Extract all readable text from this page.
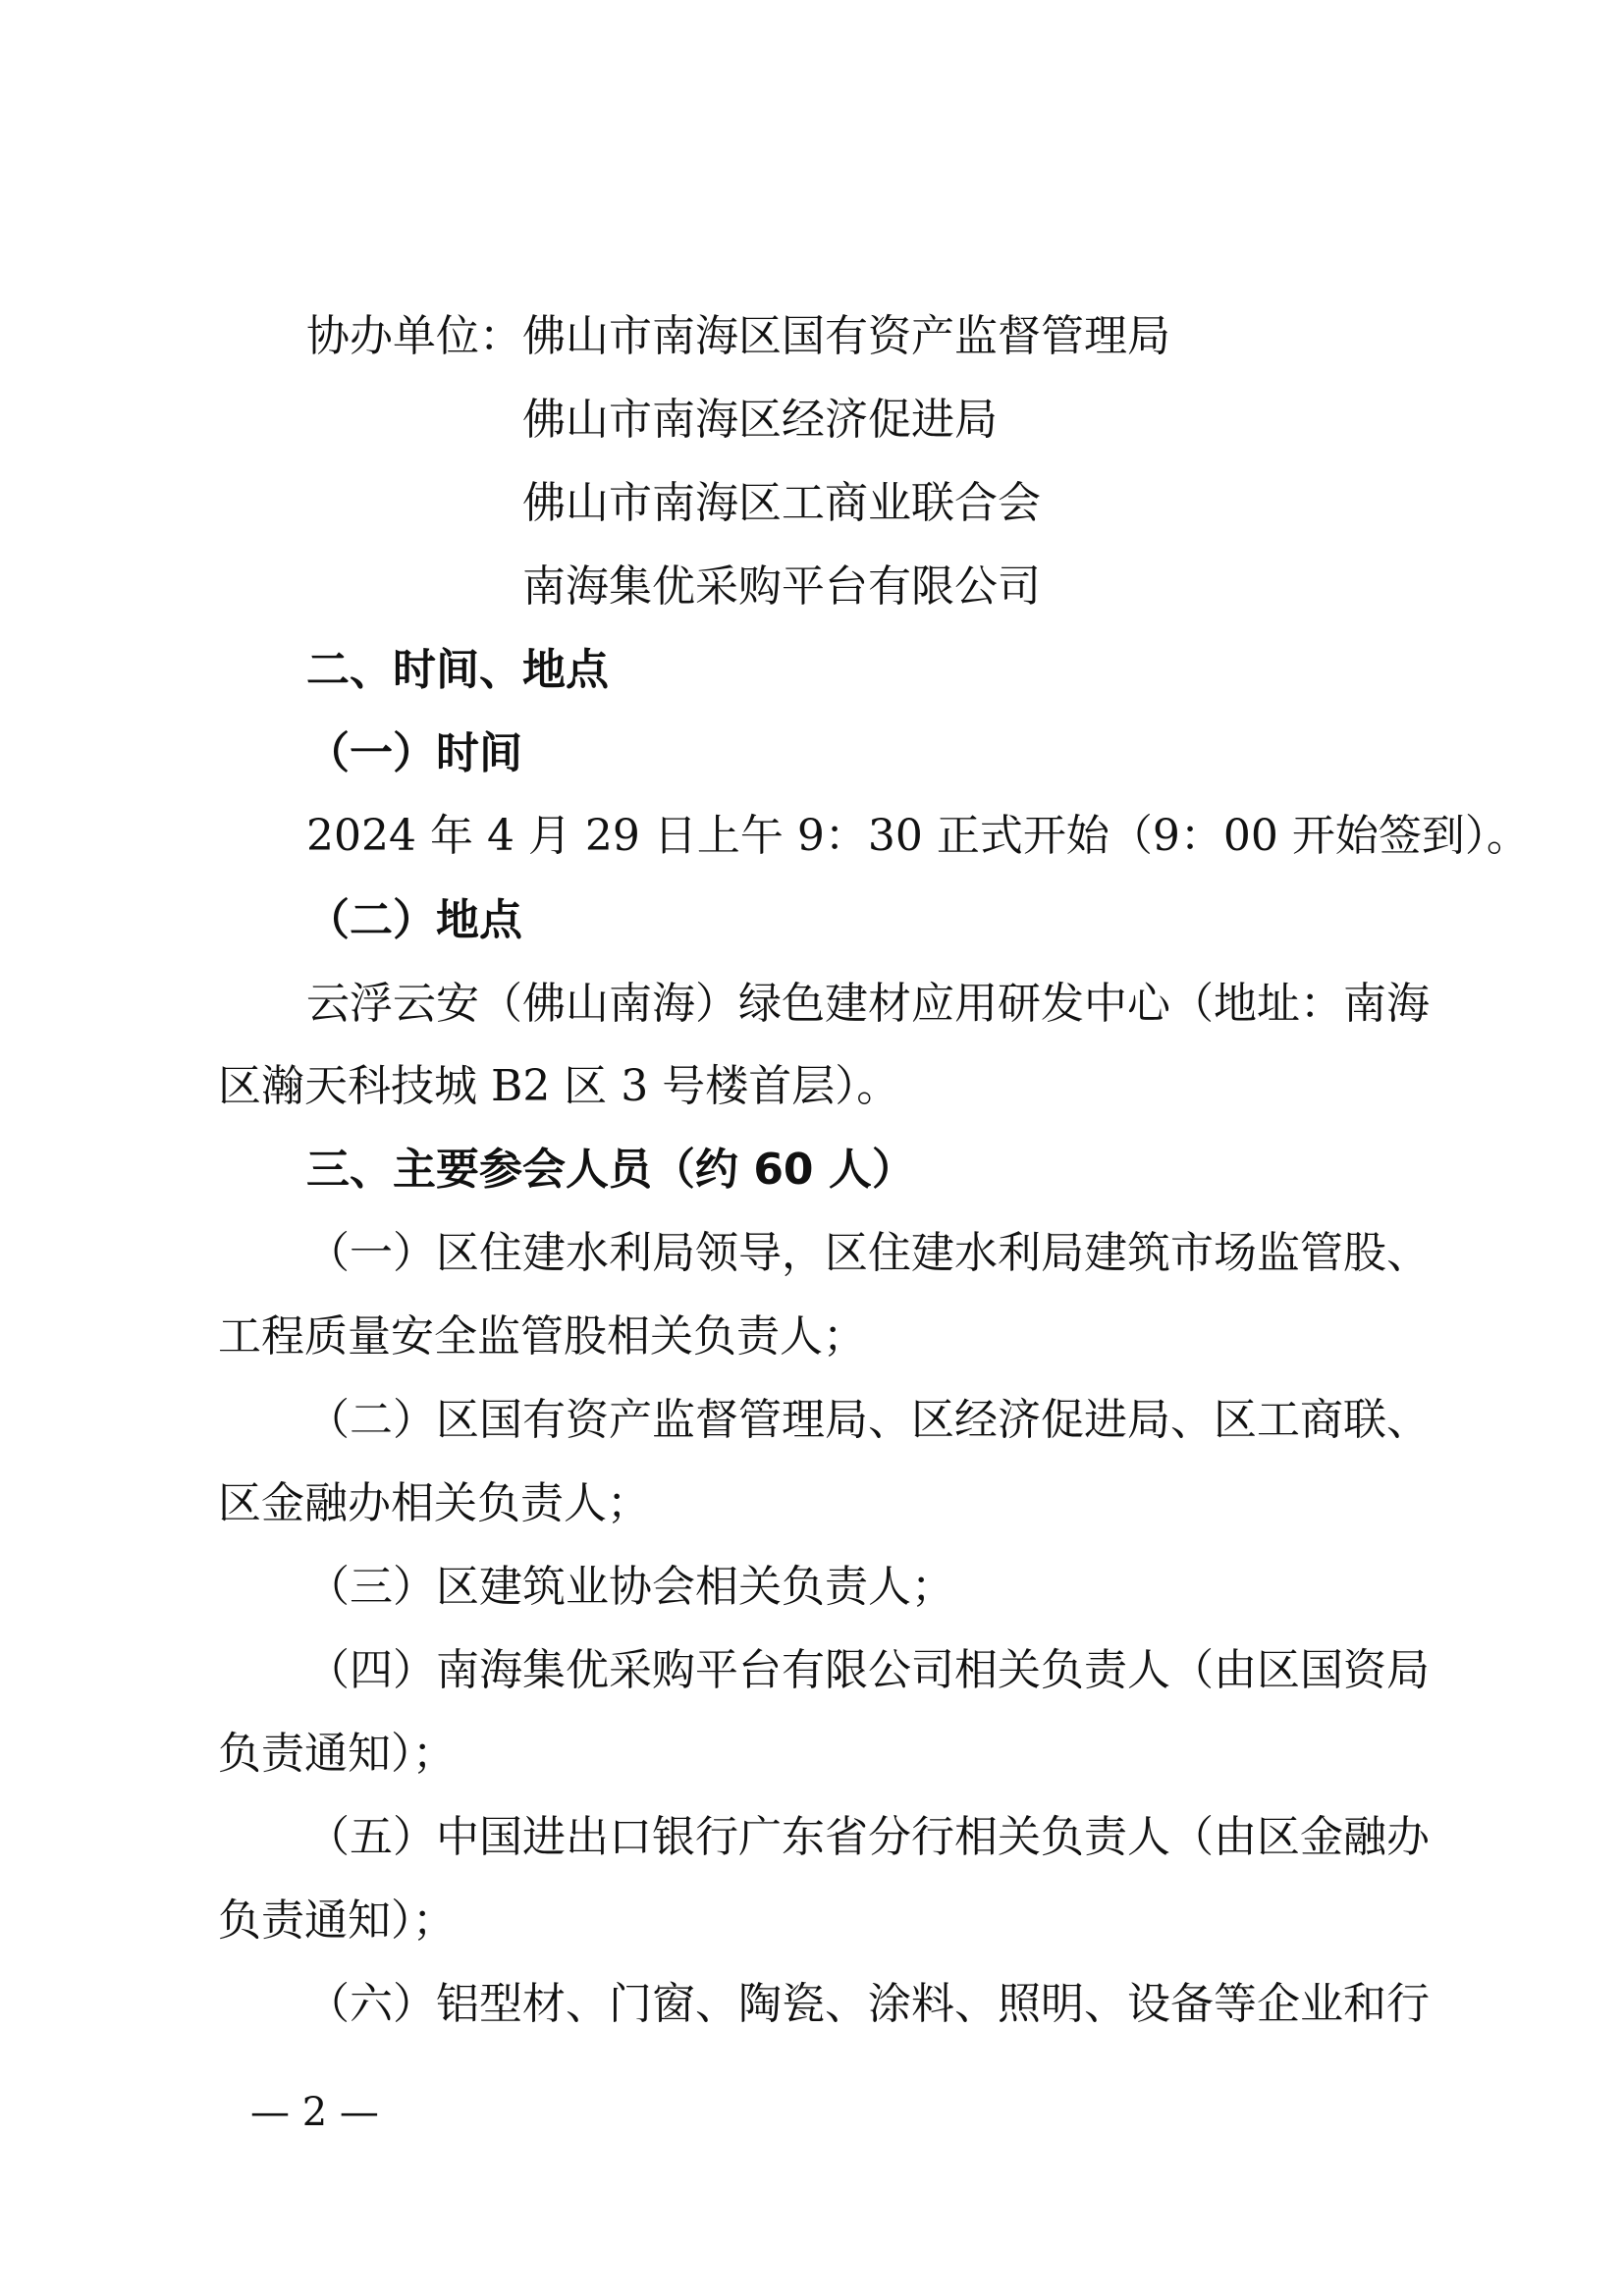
协办单位： 佛山市南海区国有资产监督管理局

佛山市南海区经济促进局

佛山市南海区工商业联合会

南海集优采购平台有限公司

二、时间、地点

（一）时间

2024 年 4 月 29 日上午 9：30 正式开始（9：00 开始签到）。

（二）地点

云浮云安（佛山南海）绿色建材应用研发中心（地址：南海

区瀚天科技城 B2 区 3 号楼首层）。

三、主要参会人员（约 60 人）

（一）区住建水利局领导，区住建水利局建筑市场监管股、

工程质量安全监管股相关负责人；

（二）区国有资产监督管理局、区经济促进局、区工商联、

区金融办相关负责人；

（三）区建筑业协会相关负责人；

（四）南海集优采购平台有限公司相关负责人（由区国资局

负责通知）；

（五）中国进出口银行广东省分行相关负责人（由区金融办

负责通知）；

（六）铝型材、门窗、陶瓷、涂料、照明、设备等企业和行

— 2 —
